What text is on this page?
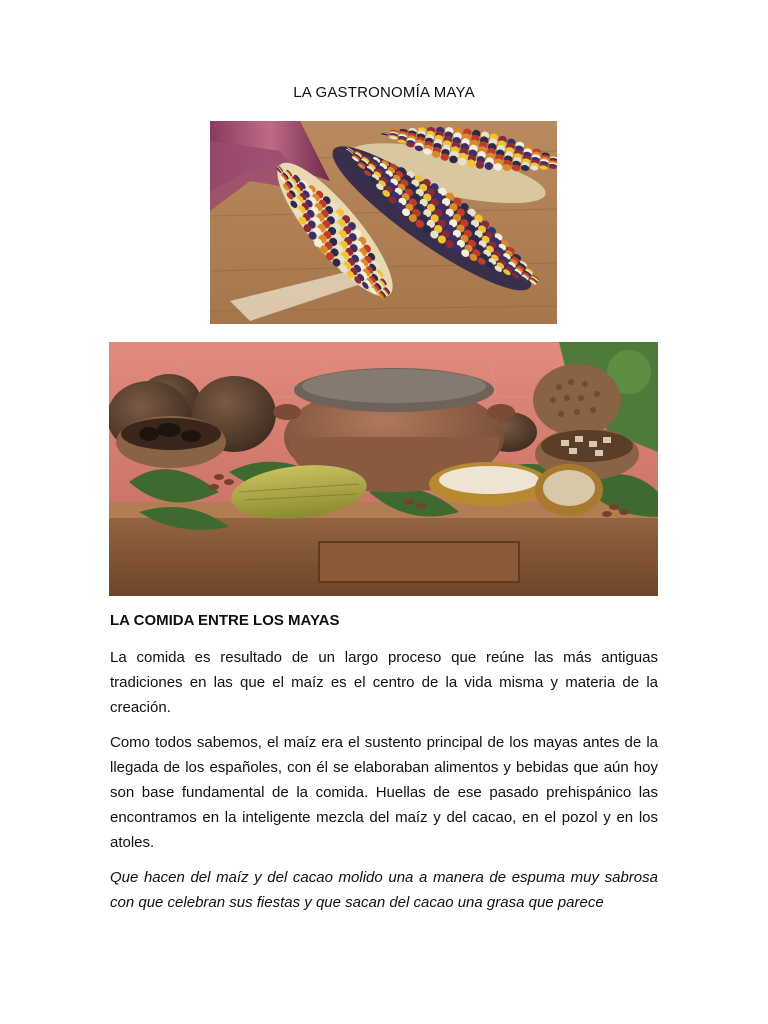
LA GASTRONOMÍA MAYA
LA COMIDA ENTRE LOS MAYAS

La comida es resultado de un largo proceso que reúne las más antiguas tradiciones en las que el maíz es el centro de la vida misma y materia de la creación.

Como todos sabemos, el maíz era el sustento principal de los mayas antes de la llegada de los españoles, con él se elaboraban alimentos y bebidas que aún hoy son base fundamental de la comida. Huellas de ese pasado prehispánico las encontramos en la inteligente mezcla del maíz y del cacao, en el pozol y en los atoles.

Que hacen del maíz y del cacao molido una a manera de espuma muy sabrosa con que celebran sus fiestas y que sacan del cacao una grasa que parece
